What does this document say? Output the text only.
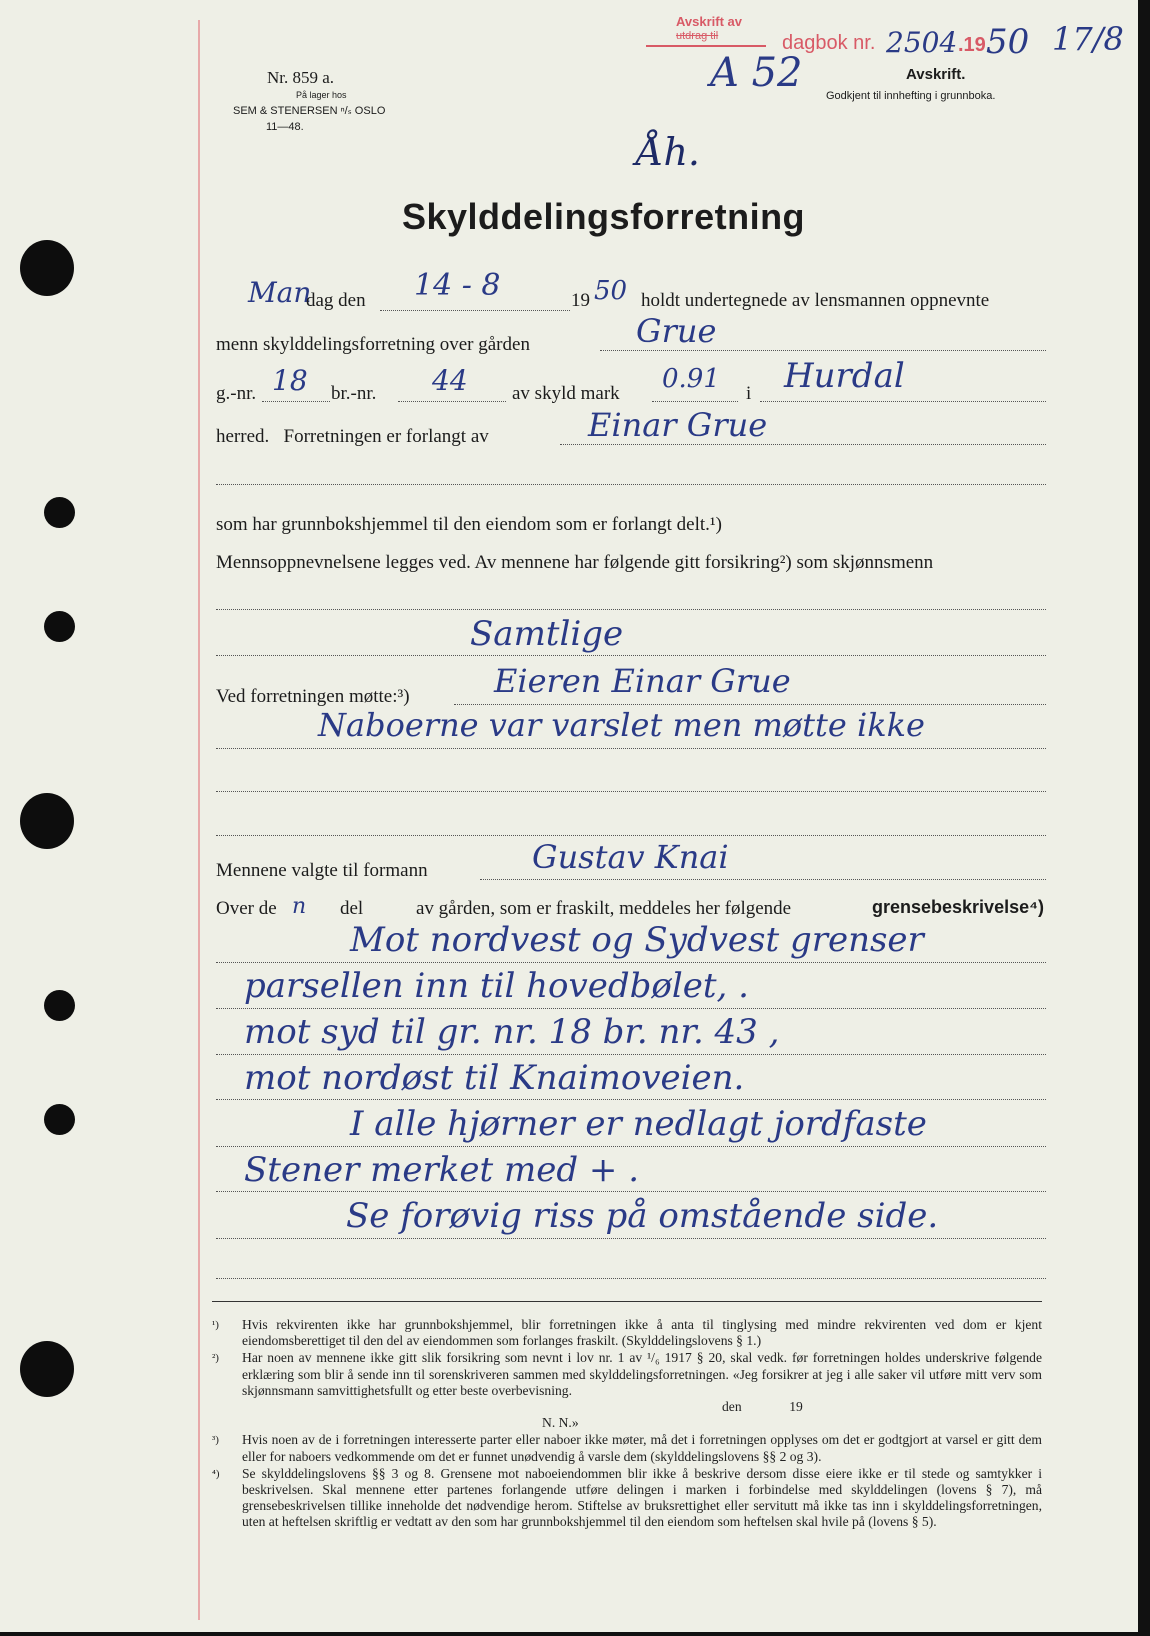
Nr. 859 a.
På lager hos
SEM & STENERSEN ⁿ/ₛ OSLO
11—48.
Avskrift av
utdrag til	dagbok nr. 2504 .19 50 17/8
Avskrift.
Godkjent til innhefting i grunnboka.
A 52
Åh.
Skylddelingsforretning
Man
dag den 14 - 8	19 50 holdt undertegnede av lensmannen oppnevnte
menn skylddelingsforretning over gården	Grue
g.-nr. 18 br.-nr. 44 av skyld mark 0.91 i Hurdal
herred.   Forretningen er forlangt av	Einar Grue
som har grunnbokshjemmel til den eiendom som er forlangt delt.¹)
Mennsoppnevnelsene legges ved. Av mennene har følgende gitt forsikring²) som skjønnsmenn
Samtlige
Ved forretningen møtte:³)	Eieren Einar Grue
Naboerne var varslet men møtte ikke
Mennene valgte til formann	Gustav Knai
Over de n del	av gården, som er fraskilt, meddeles her følgende	grensebeskrivelse⁴)
Mot nordvest og Sydvest grenser
parsellen inn til hovedbølet, .
mot syd til gr. nr. 18 br. nr. 43 ,
mot nordøst til Knaimoveien.
I alle hjørner er nedlagt jordfaste
Stener merket med + .
Se forøvig riss på omstående side.
¹) Hvis rekvirenten ikke har grunnbokshjemmel, blir forretningen ikke å anta til tinglysing med mindre rekvirenten ved dom er kjent eiendomsberettiget til den del av eiendommen som forlanges fraskilt. (Skylddelingslovens § 1.)

²) Har noen av mennene ikke gitt slik forsikring som nevnt i lov nr. 1 av ¹/₆ 1917 § 20, skal vedk. før forretningen holdes underskrive følgende erklæring som blir å sende inn til sorenskriveren sammen med skylddelingsforretningen. «Jeg forsikrer at jeg i alle saker vil utføre mitt verv som skjønnsmann samvittighetsfullt og etter beste overbevisning.

den              19

N. N.»

³) Hvis noen av de i forretningen interesserte parter eller naboer ikke møter, må det i forretningen opplyses om det er godtgjort at varsel er gitt dem eller for naboers vedkommende om det er funnet unødvendig å varsle dem (skylddelingslovens §§ 2 og 3).

⁴) Se skylddelingslovens §§ 3 og 8. Grensene mot naboeiendommen blir ikke å beskrive dersom disse eiere ikke er til stede og samtykker i beskrivelsen. Skal mennene etter partenes forlangende utføre delingen i marken i forbindelse med skylddelingen (lovens § 7), må grensebeskrivelsen tillike inneholde det nødvendige herom. Stiftelse av bruksrettighet eller servitutt må ikke tas inn i skylddelingsforretningen, uten at heftelsen skriftlig er vedtatt av den som har grunnbokshjemmel til den eiendom som heftelsen skal hvile på (lovens § 5).
